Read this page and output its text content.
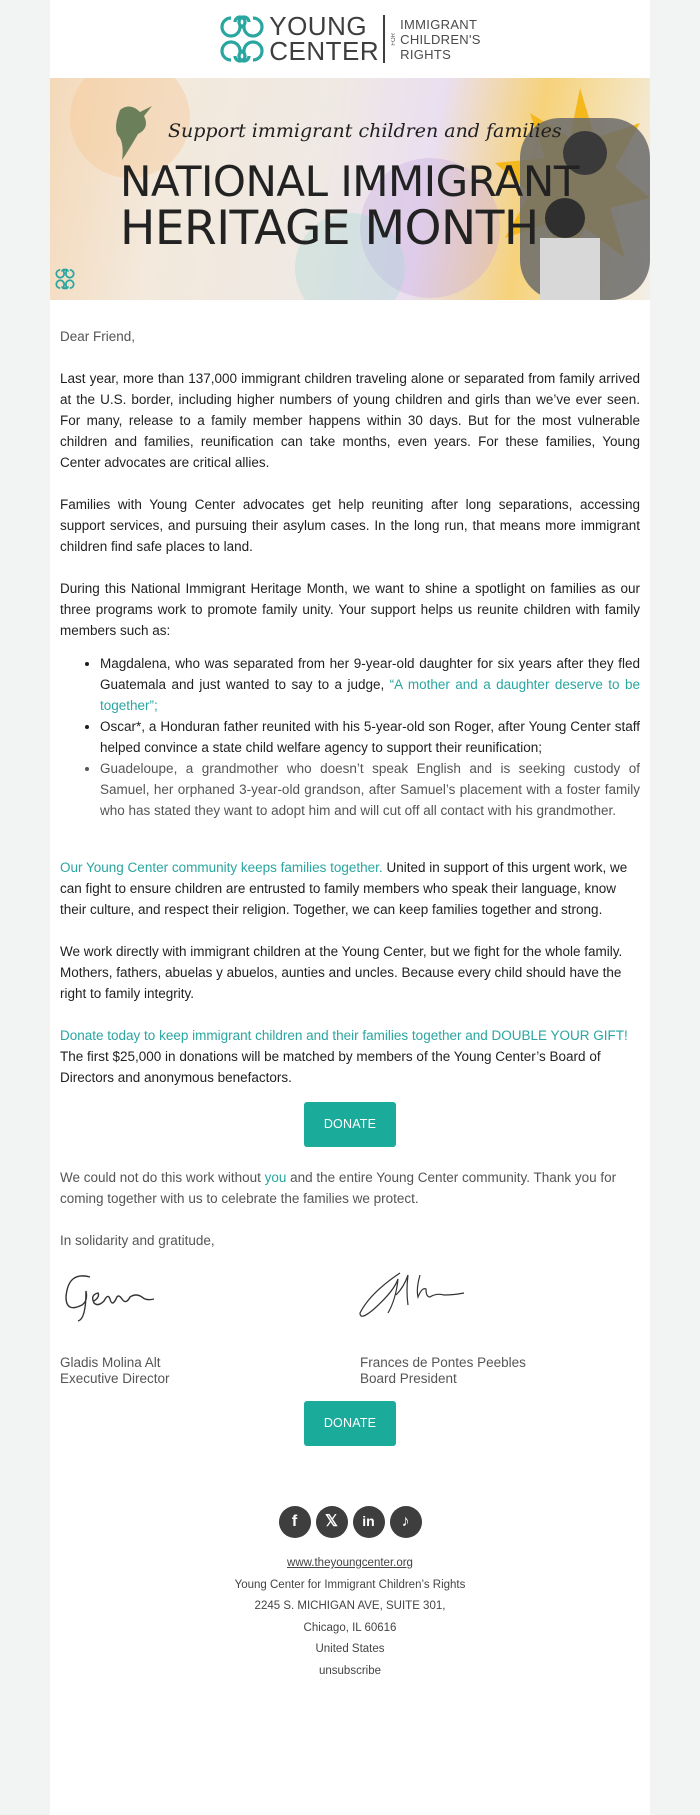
YOUNG
CENTER FOR
IMMIGRANT
CHILDREN'S
RIGHTS
Support immigrant children and families
NATIONAL IMMIGRANT
HERITAGE MONTH

Dear Friend,

Last year, more than 137,000 immigrant children traveling alone or separated from family arrived at the U.S. border, including higher numbers of young children and girls than we’ve ever seen. For many, release to a family member happens within 30 days. But for the most vulnerable children and families, reunification can take months, even years. For these families, Young Center advocates are critical allies.

Families with Young Center advocates get help reuniting after long separations, accessing support services, and pursuing their asylum cases. In the long run, that means more immigrant children find safe places to land.

During this National Immigrant Heritage Month, we want to shine a spotlight on families as our three programs work to promote family unity. Your support helps us reunite children with family members such as:

• Magdalena, who was separated from her 9-year-old daughter for six years after they fled Guatemala and just wanted to say to a judge, “A mother and a daughter deserve to be together”;
• Oscar*, a Honduran father reunited with his 5-year-old son Roger, after Young Center staff helped convince a state child welfare agency to support their reunification;
• Guadeloupe, a grandmother who doesn’t speak English and is seeking custody of Samuel, her orphaned 3-year-old grandson, after Samuel’s placement with a foster family who has stated they want to adopt him and will cut off all contact with his grandmother.

Our Young Center community keeps families together. United in support of this urgent work, we can fight to ensure children are entrusted to family members who speak their language, know their culture, and respect their religion. Together, we can keep families together and strong.

We work directly with immigrant children at the Young Center, but we fight for the whole family. Mothers, fathers, abuelas y abuelos, aunties and uncles. Because every child should have the right to family integrity.

Donate today to keep immigrant children and their families together and DOUBLE YOUR GIFT! The first $25,000 in donations will be matched by members of the Young Center’s Board of Directors and anonymous benefactors.

DONATE

We could not do this work without you and the entire Young Center community. Thank you for coming together with us to celebrate the families we protect.

In solidarity and gratitude,

Gladis Molina Alt
Executive Director
Frances de Pontes Peebles
Board President
DONATE
f	𝕏	in	♪
www.theyoungcenter.org
Young Center for Immigrant Children’s Rights
2245 S. MICHIGAN AVE, SUITE 301,
Chicago, IL 60616
United States
unsubscribe
